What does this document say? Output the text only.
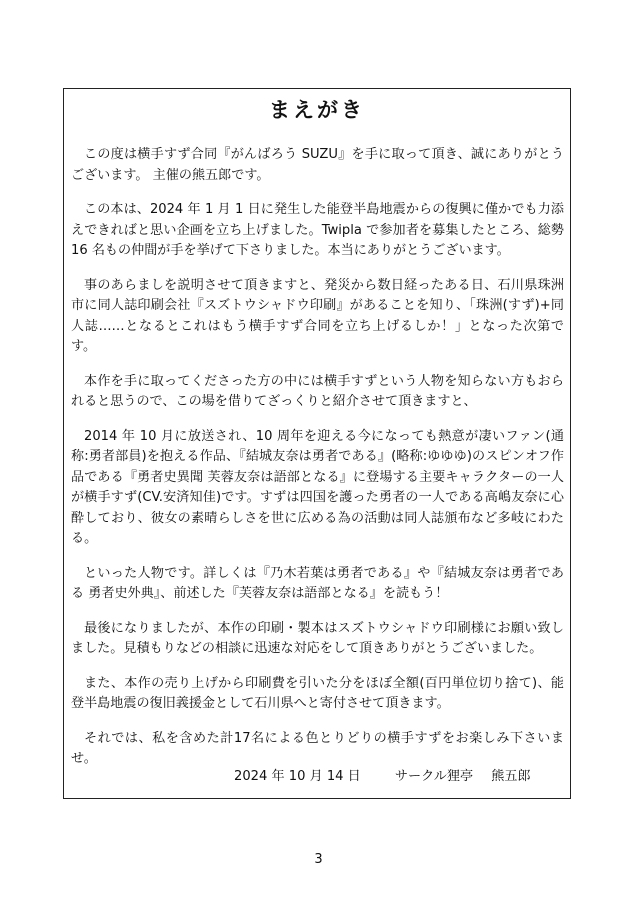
まえがき

この度は横手すず合同『がんばろう SUZU』を手に取って頂き、誠にありがとうございます。 主催の熊五郎です。

この本は、2024 年 1 月 1 日に発生した能登半島地震からの復興に僅かでも力添えできればと思い企画を立ち上げました。Twipla で参加者を募集したところ、総勢 16 名もの仲間が手を挙げて下さりました。本当にありがとうございます。

事のあらましを説明させて頂きますと、発災から数日経ったある日、石川県珠洲市に同人誌印刷会社『スズトウシャドウ印刷』があることを知り、「珠洲(すず)+同人誌……となるとこれはもう横手すず合同を立ち上げるしか！」となった次第です。

本作を手に取ってくださった方の中には横手すずという人物を知らない方もおられると思うので、この場を借りてざっくりと紹介させて頂きますと、

2014 年 10 月に放送され、10 周年を迎える今になっても熱意が凄いファン(通称:勇者部員)を抱える作品、『結城友奈は勇者である』(略称:ゆゆゆ)のスピンオフ作品である『勇者史異聞 芙蓉友奈は語部となる』に登場する主要キャラクターの一人が横手すず(CV.安済知佳)です。すずは四国を護った勇者の一人である高嶋友奈に心酔しており、彼女の素晴らしさを世に広める為の活動は同人誌頒布など多岐にわたる。

といった人物です。詳しくは『乃木若葉は勇者である』や『結城友奈は勇者である 勇者史外典』、前述した『芙蓉友奈は語部となる』を読もう！

最後になりましたが、本作の印刷・製本はスズトウシャドウ印刷様にお願い致しました。見積もりなどの相談に迅速な対応をして頂きありがとうございました。

また、本作の売り上げから印刷費を引いた分をほぼ全額(百円単位切り捨て)、能登半島地震の復旧義援金として石川県へと寄付させて頂きます。

それでは、私を含めた計17名による色とりどりの横手すずをお楽しみ下さいませ。

2024 年 10 月 14 日	サークル狸亭 熊五郎
3
